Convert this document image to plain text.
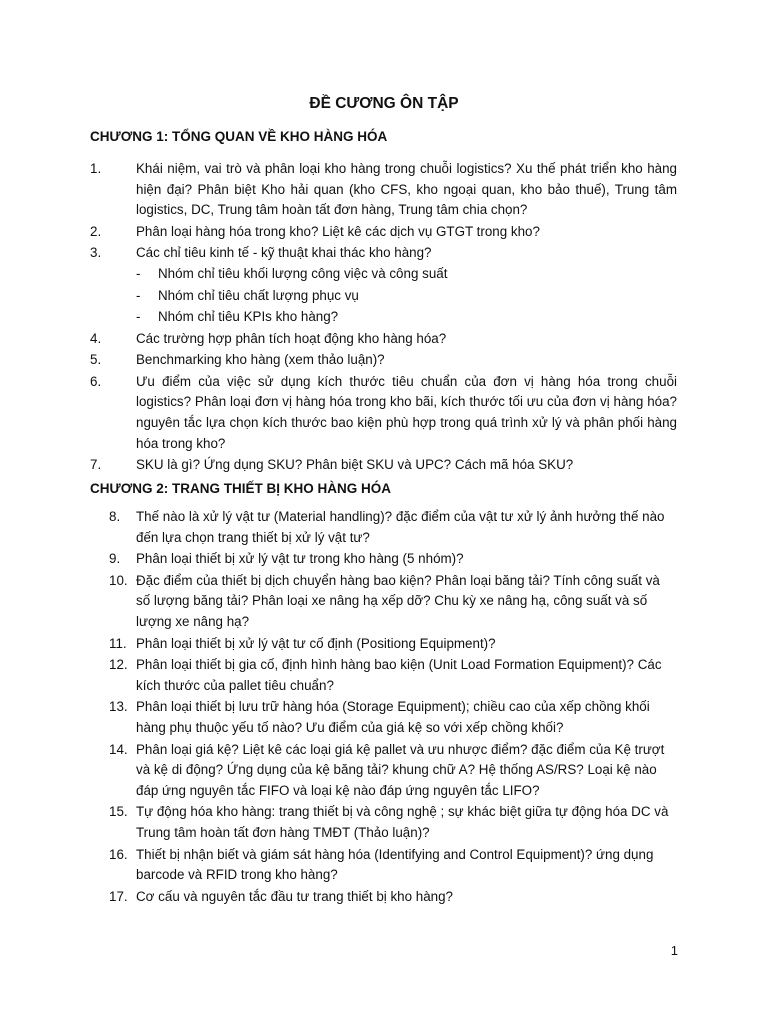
ĐỀ CƯƠNG ÔN TẬP
CHƯƠNG 1: TỔNG QUAN VỀ KHO HÀNG HÓA
1.	Khái niệm, vai trò và phân loại kho hàng trong chuỗi logistics? Xu thế phát triển kho hàng hiện đại? Phân biệt Kho hải quan (kho CFS, kho ngoại quan, kho bảo thuế), Trung tâm logistics, DC, Trung tâm hoàn tất đơn hàng, Trung tâm chia chọn?
2.	Phân loại hàng hóa trong kho? Liệt kê các dịch vụ GTGT trong kho?
3.	Các chỉ tiêu kinh tế - kỹ thuật khai thác kho hàng?
- Nhóm chỉ tiêu khối lượng công việc và công suất
- Nhóm chỉ tiêu chất lượng phục vụ
- Nhóm chỉ tiêu KPIs kho hàng?
4.	Các trường hợp phân tích hoạt động kho hàng hóa?
5.	Benchmarking kho hàng (xem thảo luận)?
6.	Ưu điểm của việc sử dụng kích thước tiêu chuẩn của đơn vị hàng hóa trong chuỗi logistics? Phân loại đơn vị hàng hóa trong kho bãi, kích thước tối ưu của đơn vị hàng hóa? nguyên tắc lựa chọn kích thước bao kiện phù hợp trong quá trình xử lý và phân phối hàng hóa trong kho?
7.	SKU là gì? Ứng dụng SKU? Phân biệt SKU và UPC? Cách mã hóa SKU?
CHƯƠNG 2: TRANG THIẾT BỊ KHO HÀNG HÓA
8.	Thế nào là xử lý vật tư (Material handling)? đặc điểm của vật tư xử lý ảnh hưởng thế nào đến lựa chọn trang thiết bị xử lý vật tư?
9.	Phân loại thiết bị xử lý vật tư trong kho hàng (5 nhóm)?
10. Đặc điểm của thiết bị dịch chuyển hàng bao kiện? Phân loại băng tải? Tính công suất và số lượng băng tải? Phân loại xe nâng hạ xếp dỡ? Chu kỳ xe nâng hạ, công suất và số lượng xe nâng hạ?
11. Phân loại thiết bị xử lý vật tư cố định (Positiong Equipment)?
12. Phân loại thiết bị gia cố, định hình hàng bao kiện (Unit Load Formation Equipment)? Các kích thước của pallet tiêu chuẩn?
13. Phân loại thiết bị lưu trữ hàng hóa (Storage Equipment); chiều cao của xếp chồng khối hàng phụ thuộc yếu tố nào? Ưu điểm của giá kệ so với xếp chồng khối?
14. Phân loại giá kệ? Liệt kê các loại giá kệ pallet và ưu nhược điểm? đặc điểm của Kệ trượt và kệ di động? Ứng dụng của kệ băng tải? khung chữ A? Hệ thống AS/RS? Loại kệ nào đáp ứng nguyên tắc FIFO và loại kệ nào đáp ứng nguyên tắc LIFO?
15. Tự động hóa kho hàng: trang thiết bị và công nghệ ; sự khác biệt giữa tự động hóa DC và Trung tâm hoàn tất đơn hàng TMĐT (Thảo luận)?
16. Thiết bị nhận biết và giám sát hàng hóa (Identifying and Control Equipment)? ứng dụng barcode và RFID trong kho hàng?
17. Cơ cấu và nguyên tắc đầu tư trang thiết bị kho hàng?
1
